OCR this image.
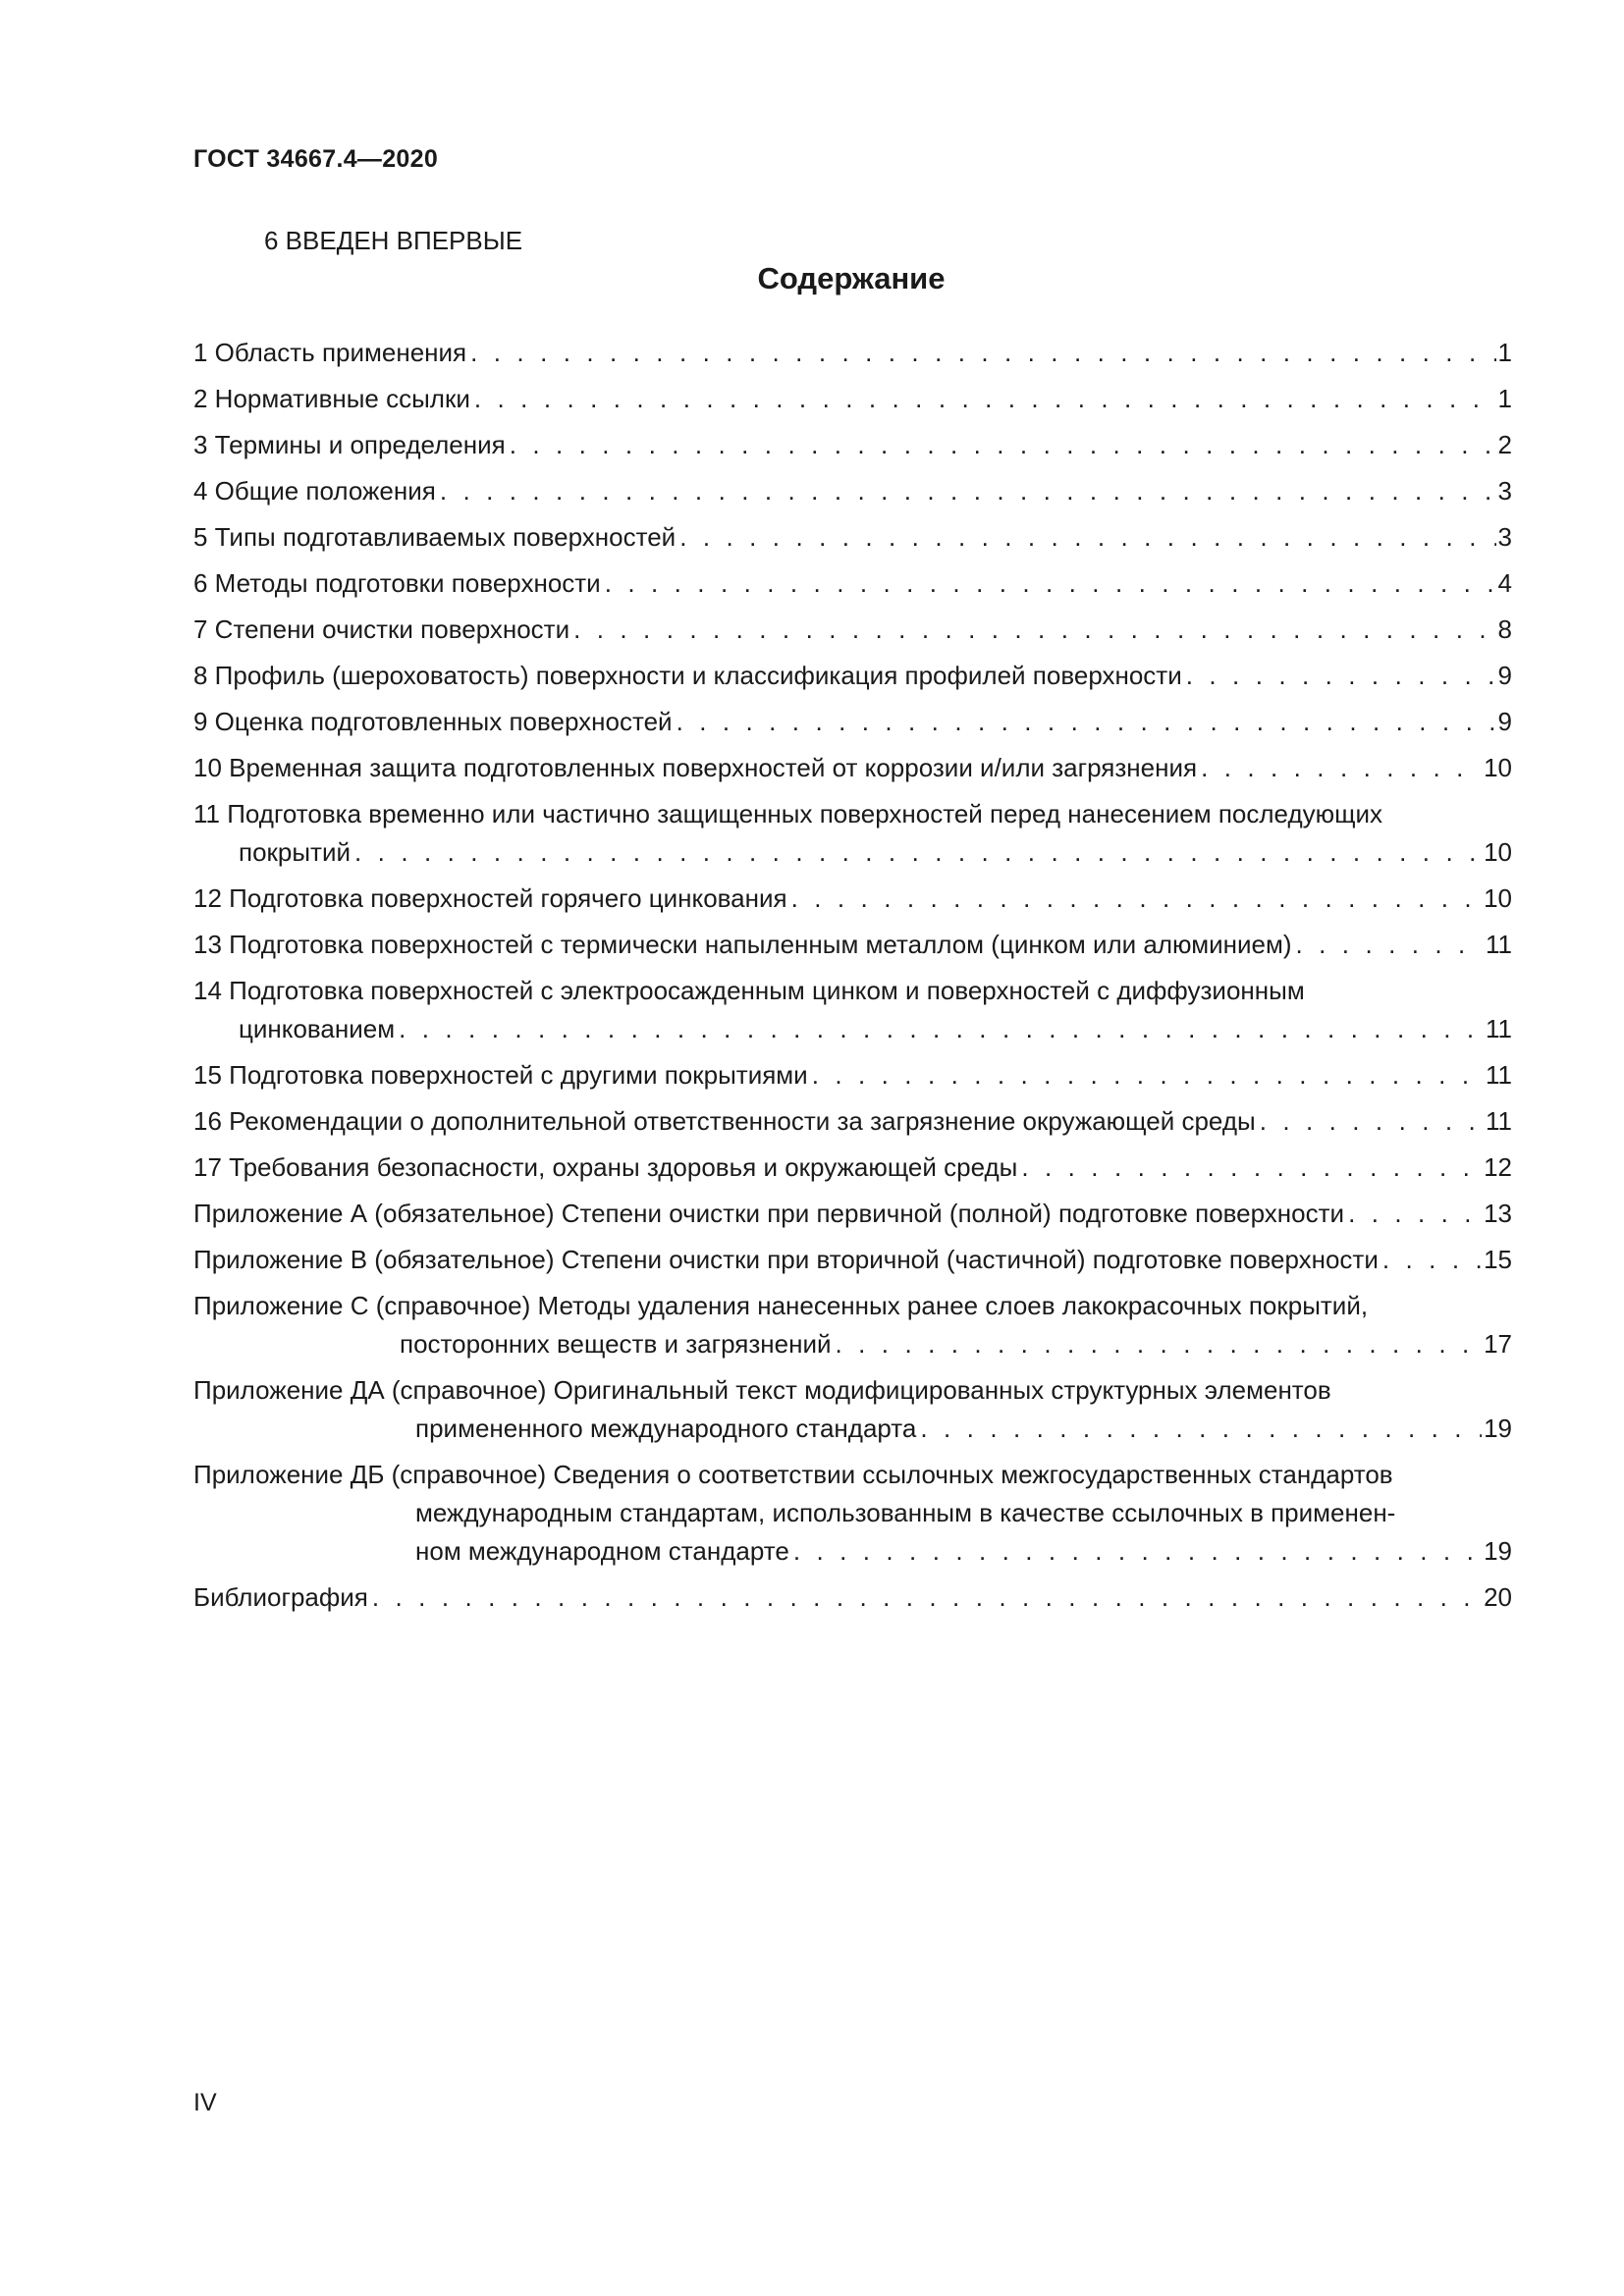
ГОСТ 34667.4—2020
6 ВВЕДЕН ВПЕРВЫЕ
Содержание
1 Область применения . . .	1
2 Нормативные ссылки . . .	1
3 Термины и определения . . .	2
4 Общие положения . . .	3
5 Типы подготавливаемых поверхностей . . .	3
6 Методы подготовки поверхности . . .	4
7 Степени очистки поверхности . . .	8
8 Профиль (шероховатость) поверхности и классификация профилей поверхности . . .	9
9 Оценка подготовленных поверхностей . . .	9
10 Временная защита подготовленных поверхностей от коррозии и/или загрязнения . . .	10
11 Подготовка временно или частично защищенных поверхностей перед нанесением последующих
покрытий . . .	10
12 Подготовка поверхностей горячего цинкования . . .	10
13 Подготовка поверхностей с термически напыленным металлом (цинком или алюминием) . . .	11
14 Подготовка поверхностей с электроосажденным цинком и поверхностей с диффузионным
цинкованием . . .	11
15 Подготовка поверхностей с другими покрытиями . . .	11
16 Рекомендации о дополнительной ответственности за загрязнение окружающей среды . . .	11
17 Требования безопасности, охраны здоровья и окружающей среды . . .	12
Приложение А (обязательное) Степени очистки при первичной (полной) подготовке поверхности . . .	13
Приложение В (обязательное) Степени очистки при вторичной (частичной) подготовке поверхности . . .	15
Приложение С (справочное) Методы удаления нанесенных ранее слоев лакокрасочных покрытий,
посторонних веществ и загрязнений . . .	17
Приложение ДА (справочное) Оригинальный текст модифицированных структурных элементов
примененного международного стандарта . . .	19
Приложение ДБ (справочное) Сведения о соответствии ссылочных межгосударственных стандартов
международным стандартам, использованным в качестве ссылочных в применен-
ном международном стандарте . . .	19
Библиография . . .	20
IV
